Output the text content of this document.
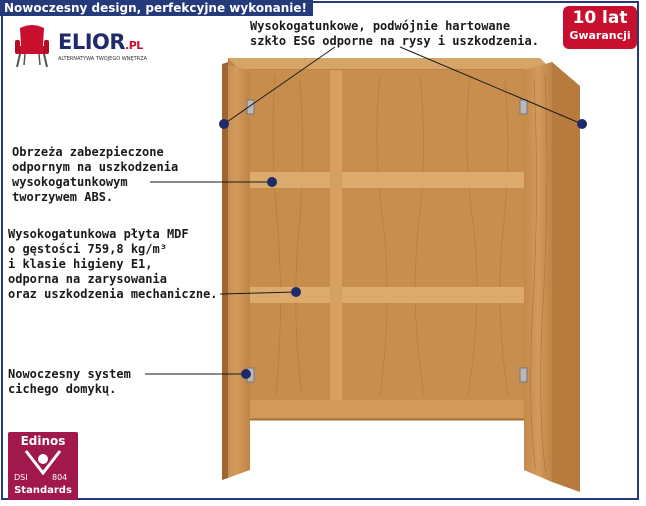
Nowoczesny design, perfekcyjne wykonanie!
ELIOR.PL
ALTERNATYWA TWOJEGO WNĘTRZA
10 lat
Gwarancji
Wysokogatunkowe, podwójnie hartowane
szkło ESG odporne na rysy i uszkodzenia.
Obrzeża zabezpieczone
odpornym na uszkodzenia
wysokogatunkowym
tworzywem ABS.
Wysokogatunkowa płyta MDF
o gęstości 759,8 kg/m³
i klasie higieny E1,
odporna na zarysowania
oraz uszkodzenia mechaniczne.
Nowoczesny system
cichego domykų.
Edinos
DSI	804
Standards
